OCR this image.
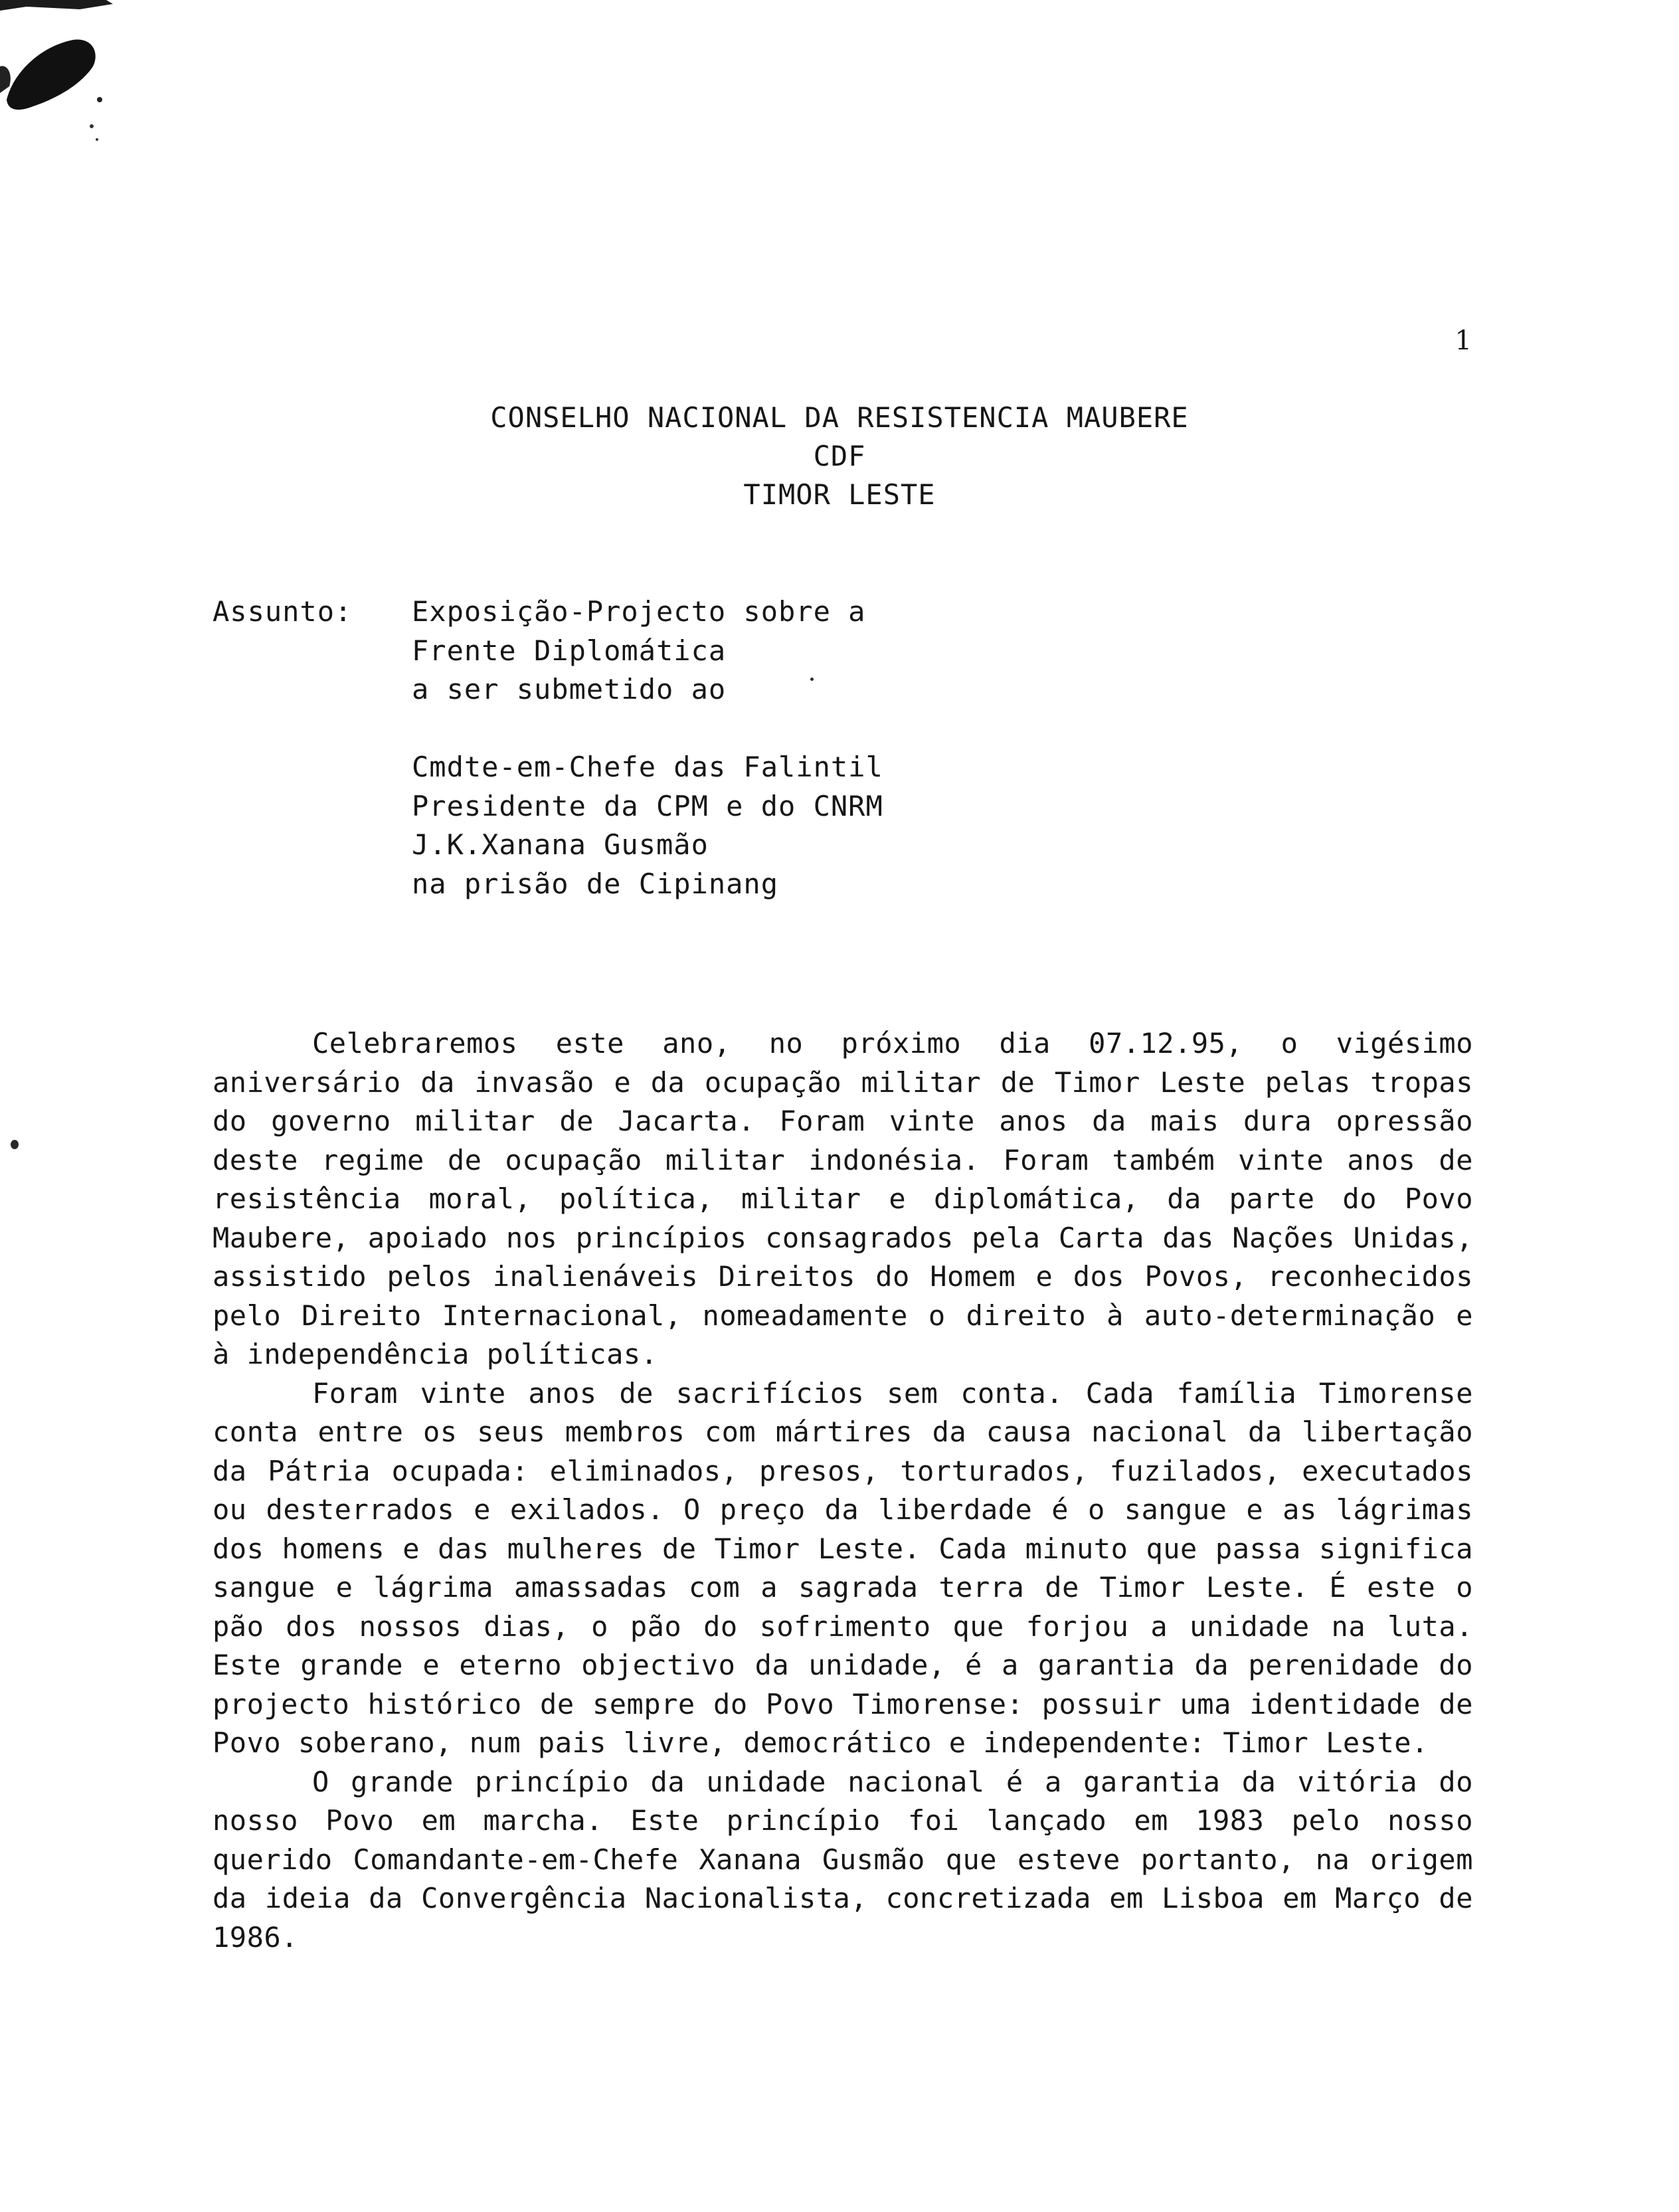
1
CONSELHO NACIONAL DA RESISTENCIA MAUBERE
CDF
TIMOR LESTE
Assunto: Exposição-Projecto sobre a
Frente Diplomática
a ser submetido ao
Cmdte-em-Chefe das Falintil
Presidente da CPM e do CNRM
J.K.Xanana Gusmão
na prisão de Cipinang

Celebraremos este ano, no próximo dia 07.12.95, o vigésimo aniversário da invasão e da ocupação militar de Timor Leste pelas tropas do governo militar de Jacarta. Foram vinte anos da mais dura opressão deste regime de ocupação militar indonésia. Foram também vinte anos de resistência moral, política, militar e diplomática, da parte do Povo Maubere, apoiado nos princípios consagrados pela Carta das Nações Unidas, assistido pelos inalienáveis Direitos do Homem e dos Povos, reconhecidos pelo Direito Internacional, nomeadamente o direito à auto-determinação e à independência políticas.

Foram vinte anos de sacrifícios sem conta. Cada família Timorense conta entre os seus membros com mártires da causa nacional da libertação da Pátria ocupada: eliminados, presos, torturados, fuzilados, executados ou desterrados e exilados. O preço da liberdade é o sangue e as lágrimas dos homens e das mulheres de Timor Leste. Cada minuto que passa significa sangue e lágrima amassadas com a sagrada terra de Timor Leste. É este o pão dos nossos dias, o pão do sofrimento que forjou a unidade na luta. Este grande e eterno objectivo da unidade, é a garantia da perenidade do projecto histórico de sempre do Povo Timorense: possuir uma identidade de Povo soberano, num pais livre, democrático e independente: Timor Leste.

O grande princípio da unidade nacional é a garantia da vitória do nosso Povo em marcha. Este princípio foi lançado em 1983 pelo nosso querido Comandante-em-Chefe Xanana Gusmão que esteve portanto, na origem da ideia da Convergência Nacionalista, concretizada em Lisboa em Março de 1986.
